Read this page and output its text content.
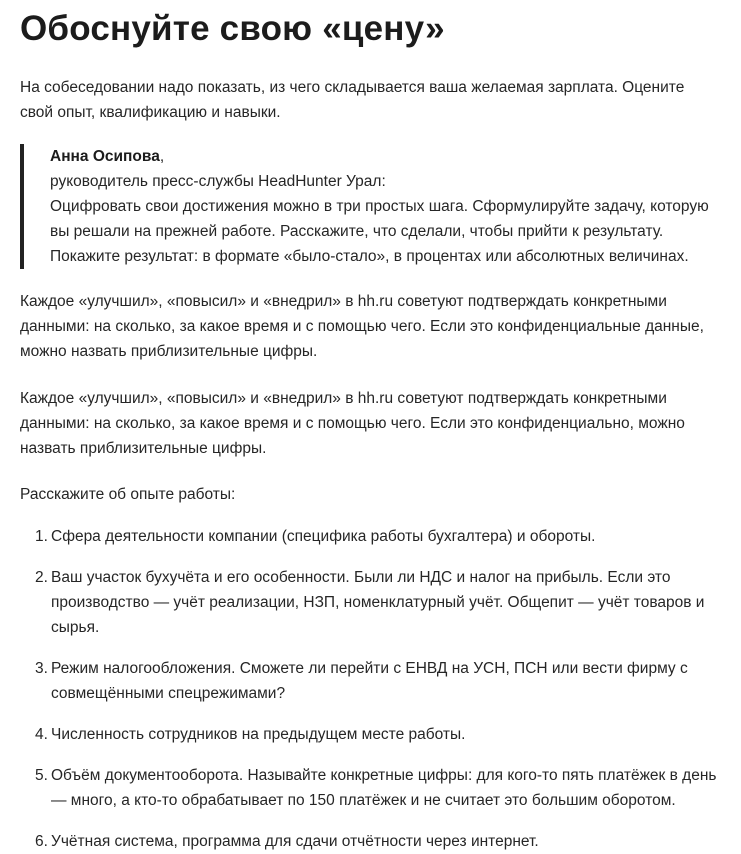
Обоснуйте свою «цену»

На собеседовании надо показать, из чего складывается ваша желаемая зарплата. Оцените свой опыт, квалификацию и навыки.

Анна Осипова,

руководитель пресс-службы HeadHunter Урал:

Оцифровать свои достижения можно в три простых шага. Сформулируйте задачу, которую вы решали на прежней работе. Расскажите, что сделали, чтобы прийти к результату. Покажите результат: в формате «было-стало», в процентах или абсолютных величинах.

Каждое «улучшил», «повысил» и «внедрил» в hh.ru советуют подтверждать конкретными данными: на сколько, за какое время и с помощью чего. Если это конфиденциальные данные, можно назвать приблизительные цифры.

Каждое «улучшил», «повысил» и «внедрил» в hh.ru советуют подтверждать конкретными данными: на сколько, за какое время и с помощью чего. Если это конфиденциально, можно назвать приблизительные цифры.

Расскажите об опыте работы:

1. Сфера деятельности компании (специфика работы бухгалтера) и обороты.
2. Ваш участок бухучёта и его особенности. Были ли НДС и налог на прибыль. Если это производство — учёт реализации, НЗП, номенклатурный учёт. Общепит — учёт товаров и сырья.
3. Режим налогообложения. Сможете ли перейти с ЕНВД на УСН, ПСН или вести фирму с совмещёнными спецрежимами?
4. Численность сотрудников на предыдущем месте работы.
5. Объём документооборота. Называйте конкретные цифры: для кого-то пять платёжек в день — много, а кто-то обрабатывает по 150 платёжек и не считает это большим оборотом.
6. Учётная система, программа для сдачи отчётности через интернет.
